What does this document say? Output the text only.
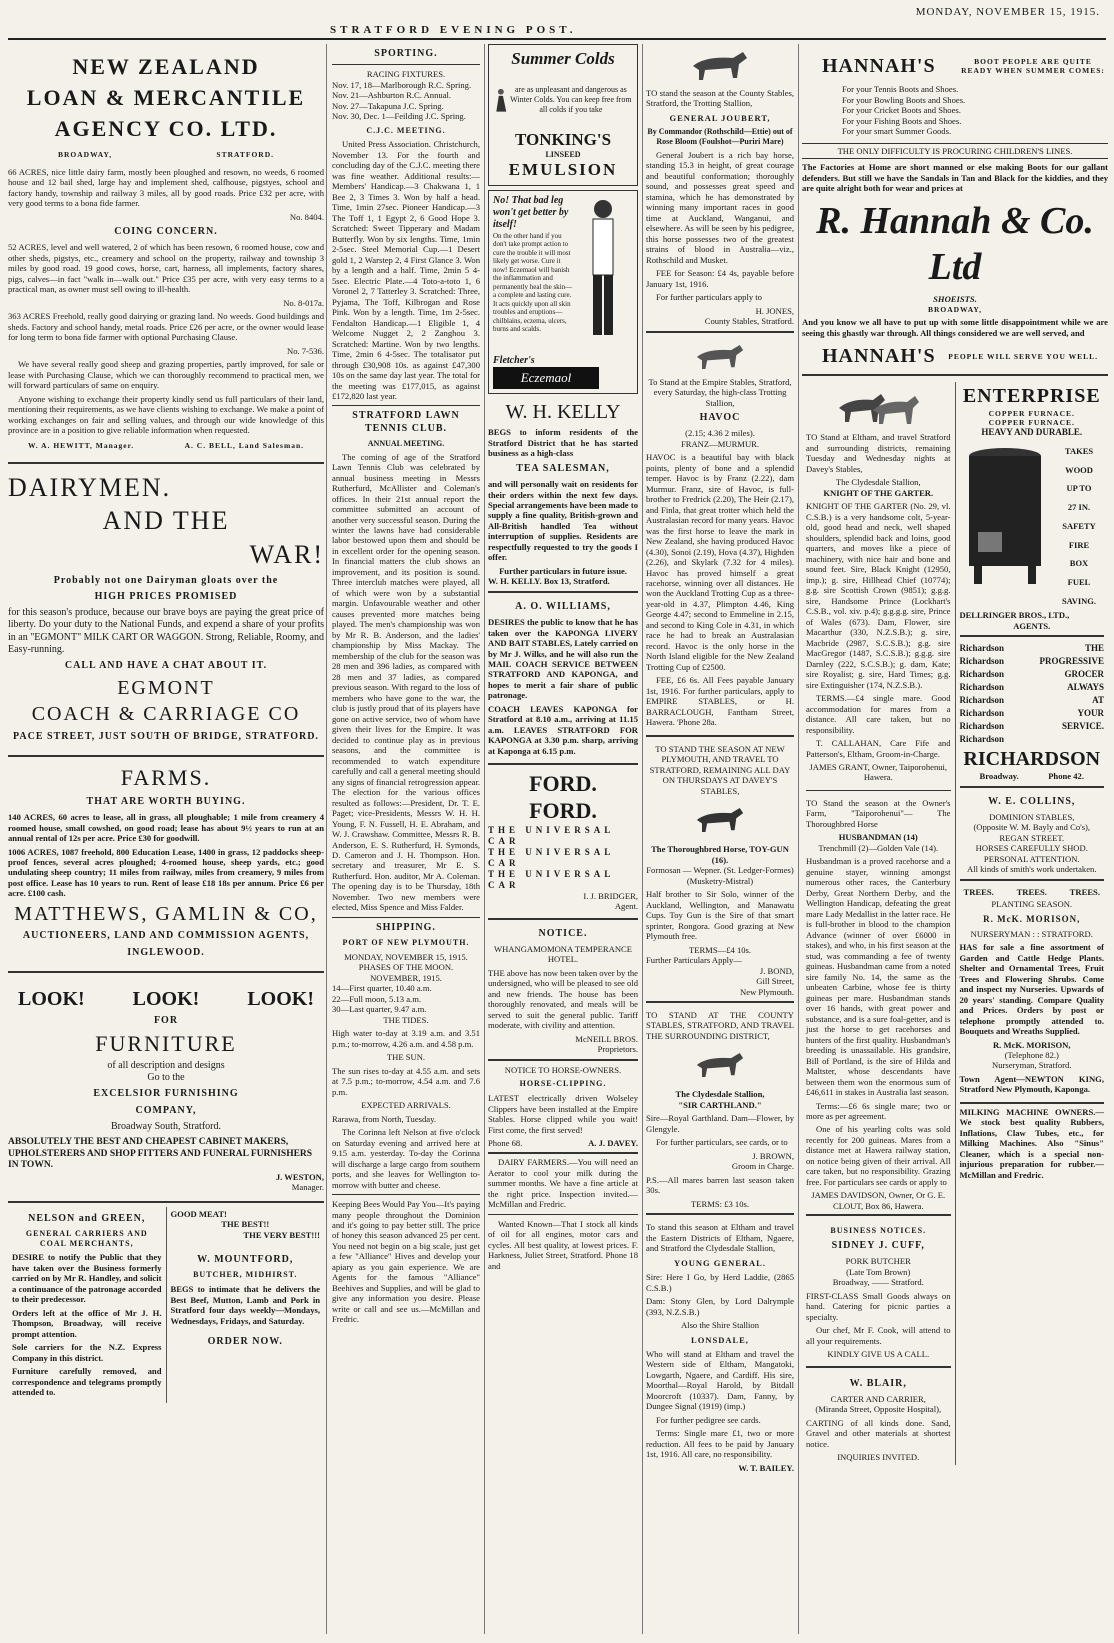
STRATFORD EVENING POST.
MONDAY, NOVEMBER 15, 1915.
NEW ZEALAND
LOAN & MERCANTILE
AGENCY CO. LTD.
BROADWAY,	STRATFORD.

66 ACRES, nice little dairy farm, mostly been ploughed and resown, no weeds, 6 roomed house and 12 bail shed, large hay and implement shed, calfhouse, pigstyes, school and factory handy, township and railway 3 miles, all by good roads. Price £32 per acre, with very good terms to a bona fide farmer.

No. 8404.
COING CONCERN.

52 ACRES, level and well watered, 2 of which has been resown, 6 roomed house, cow and other sheds, pigstys, etc., creamery and school on the property, railway and township 3 miles by good road. 19 good cows, horse, cart, harness, all implements, factory shares, pigs, calves—in fact "walk in—walk out." Price £35 per acre, with very easy terms to a practical man, as owner must sell owing to ill-health.

No. 8-017a.

363 ACRES Freehold, really good dairying or grazing land. No weeds. Good buildings and sheds. Factory and school handy, metal roads. Price £26 per acre, or the owner would lease for long term to bona fide farmer with optional Purchasing Clause.

No. 7-536.

We have several really good sheep and grazing properties, partly improved, for sale or lease with Purchasing Clause, which we can thoroughly recommend to practical men, we will forward particulars of same on enquiry.

Anyone wishing to exchange their property kindly send us full particulars of their land, mentioning their requirements, as we have clients wishing to exchange. We make a point of working exchanges on fair and selling values, and through our wide knowledge of this province are in a position to give reliable information when requested.

W. A. HEWITT, Manager.	A. C. BELL, Land Salesman.
DAIRYMEN.
AND THE
WAR!
Probably not one Dairyman gloats over the
HIGH PRICES PROMISED

for this season's produce, because our brave boys are paying the great price of liberty. Do your duty to the National Funds, and expend a share of your profits in an "EGMONT" MILK CART OR WAGGON. Strong, Reliable, Roomy, and Easy-running.

CALL AND HAVE A CHAT ABOUT IT.
EGMONT
COACH & CARRIAGE CO
PACE STREET, JUST SOUTH OF BRIDGE, STRATFORD.
FARMS.
THAT ARE WORTH BUYING.

140 ACRES, 60 acres to lease, all in grass, all ploughable; 1 mile from creamery 4 roomed house, small cowshed, on good road; lease has about 9½ years to run at an annual rental of 12s per acre. Price £30 for goodwill.

1006 ACRES, 1087 freehold, 800 Education Lease, 1400 in grass, 12 paddocks sheep-proof fences, several acres ploughed; 4-roomed house, sheep yards, etc.; good undulating sheep country; 11 miles from railway, miles from creamery, 9 miles from post office. Lease has 10 years to run. Rent of lease £18 18s per annum. Price £6 per acre. £100 cash.

MATTHEWS, GAMLIN & CO,
AUCTIONEERS, LAND AND COMMISSION AGENTS,
INGLEWOOD.
LOOK! LOOK! LOOK!
FOR
FURNITURE
of all description and designs
Go to the
EXCELSIOR FURNISHING
COMPANY,
Broadway South, Stratford.
ABSOLUTELY THE BEST AND CHEAPEST CABINET MAKERS, UPHOLSTERERS AND SHOP FITTERS AND FUNERAL FURNISHERS IN TOWN.
J. WESTON,
Manager.
NELSON and GREEN,
GENERAL CARRIERS AND COAL MERCHANTS,

DESIRE to notify the Public that they have taken over the Business formerly carried on by Mr R. Handley, and solicit a continuance of the patronage accorded to their predecessor.

Orders left at the office of Mr J. H. Thompson, Broadway, will receive prompt attention.

Sole carriers for the N.Z. Express Company in this district.

Furniture carefully removed, and correspondence and telegrams promptly attended to.

GOOD MEAT!
THE BEST!!
THE VERY BEST!!!
W. MOUNTFORD,
BUTCHER, MIDHIRST.

BEGS to intimate that he delivers the Best Beef, Mutton, Lamb and Pork in Stratford four days weekly—Mondays, Wednesdays, Fridays, and Saturday.

ORDER NOW.
SPORTING.
RACING FIXTURES.
Nov. 17, 18—Marlborough R.C. Spring.
Nov. 21—Ashburton R.C. Annual.
Nov. 27—Takapuna J.C. Spring.
Nov. 30, Dec. 1—Feilding J.C. Spring.
C.J.C. MEETING.

United Press Association. Christchurch, November 13. For the fourth and concluding day of the C.J.C. meeting there was fine weather. Additional results:— Members' Handicap.—3 Chakwana 1, 1 Bee 2, 3 Times 3. Won by half a head. Time, 1min 27sec. Pioneer Handicap.—3 The Toff 1, 1 Egypt 2, 6 Good Hope 3. Scratched: Sweet Tipperary and Madam Butterfly. Won by six lengths. Time, 1min 2-5sec. Steel Memorial Cup.—1 Desert gold 1, 2 Warstep 2, 4 First Glance 3. Won by a length and a half. Time, 2min 5 4-5sec. Electric Plate.—4 Toto-a-toto 1, 6 Voronel 2, 7 Tatterley 3. Scratched: Three, Pyjama, The Toff, Kilbrogan and Rose Pink. Won by a length. Time, 1m 2-5sec. Fendalton Handicap.—1 Eligible 1, 4 Welcome Nugget 2, 2 Zanghou 3. Scratched: Martine. Won by two lengths. Time, 2min 6 4-5sec. The totalisator put through £30,908 10s. as against £47,300 10s on the same day last year. The total for the meeting was £177,015, as against £172,820 last year.

STRATFORD LAWN TENNIS CLUB.
ANNUAL MEETING.

The coming of age of the Stratford Lawn Tennis Club was celebrated by annual business meeting in Messrs Rutherfurd, McAllister and Coleman's offices. In their 21st annual report the committee submitted an account of another very successful season. During the winter the lawns have had considerable labor bestowed upon them and should be in excellent order for the opening season. In financial matters the club shows an improvement, and its position is sound. Three interclub matches were played, all of which were won by a substantial margin. Unfavourable weather and other causes prevented more matches being played. The men's championship was won by Mr R. B. Anderson, and the ladies' championship by Miss Mackay. The membership of the club for the season was 28 men and 396 ladies, as compared with 28 men and 37 ladies, as compared previous season. With regard to the loss of members who have gone to the war, the club is justly proud that of its players have gone on active service, two of whom have given their lives for the Empire. It was decided to continue play as in previous seasons, and the committee is recommended to watch expenditure carefully and call a general meeting should any signs of financial retrogression appear. The election for the various offices resulted as follows:—President, Dr. T. E. Paget; vice-Presidents, Messrs W. H. H. Young, F. N. Fussell, H. E. Abraham, and W. J. Crawshaw. Committee, Messrs R. B. Anderson, E. S. Rutherfurd, H. Symonds, D. Cameron and J. H. Thompson. Hon. secretary and treasurer, Mr E. S. Rutherfurd. Hon. auditor, Mr A. Coleman. The opening day is to be Thursday, 18th November. Two new members were elected, Miss Spence and Miss Falder.

SHIPPING.
PORT OF NEW PLYMOUTH.
MONDAY, NOVEMBER 15, 1915.
PHASES OF THE MOON.
NOVEMBER, 1915.
14—First quarter, 10.40 a.m.
22—Full moon, 5.13 a.m.
30—Last quarter, 9.47 a.m.
THE TIDES.

High water to-day at 3.19 a.m. and 3.51 p.m.; to-morrow, 4.26 a.m. and 4.58 p.m.

THE SUN.

The sun rises to-day at 4.55 a.m. and sets at 7.5 p.m.; to-morrow, 4.54 a.m. and 7.6 p.m.

EXPECTED ARRIVALS.

Rarawa, from North, Tuesday.

The Corinna left Nelson at five o'clock on Saturday evening and arrived here at 9.15 a.m. yesterday. To-day the Corinna will discharge a large cargo from southern ports, and she leaves for Wellington to-morrow with butter and cheese.

Keeping Bees Would Pay You—It's paying many people throughout the Dominion and it's going to pay better still. The price of honey this season advanced 25 per cent. You need not begin on a big scale, just get a few "Alliance" Hives and develop your apiary as you gain experience. We are Agents for the famous "Alliance" Beehives and Supplies, and will be glad to give any information you desire. Please write or call and see us.—McMillan and Fredric.

Summer Colds
are as unpleasant and dangerous as Winter Colds. You can keep free from all colds if you take
TONKING'S
LINSEED
EMULSION
No! That bad leg won't get better by itself!
On the other hand if you don't take prompt action to cure the trouble it will most likely get worse. Cure it now! Eczemaol will banish the inflammation and permanently heal the skin—a complete and lasting cure. It acts quickly upon all skin troubles and eruptions—chilblains, eczema, ulcers, burns and scalds.
Fletcher's
Eczemaol
W. H. KELLY

BEGS to inform residents of the Stratford District that he has started business as a high-class

TEA SALESMAN,

and will personally wait on residents for their orders within the next few days. Special arrangements have been made to supply a fine quality, British-grown and All-British handled Tea without interruption of supplies. Residents are respectfully requested to try the goods I offer.

Further particulars in future issue.
W. H. KELLY. Box 13, Stratford.
A. O. WILLIAMS,

DESIRES the public to know that he has taken over the KAPONGA LIVERY AND BAIT STABLES, Lately carried on by Mr J. Wilks, and he will also run the MAIL COACH SERVICE BETWEEN STRATFORD AND KAPONGA, and hopes to merit a fair share of public patronage.

COACH LEAVES KAPONGA for Stratford at 8.10 a.m., arriving at 11.15 a.m. LEAVES STRATFORD FOR KAPONGA at 3.30 p.m. sharp, arriving at Kaponga at 6.15 p.m.

FORD.
FORD.
THE UNIVERSAL CAR
THE UNIVERSAL CAR
THE UNIVERSAL CAR
I. J. BRIDGER,
Agent.
NOTICE.
WHANGAMOMONA TEMPERANCE HOTEL.

THE above has now been taken over by the undersigned, who will be pleased to see old and new friends. The house has been thoroughly renovated, and meals will be served to suit the general public. Tariff moderate, with civility and attention.

McNEILL BROS.
Proprietors.
NOTICE TO HORSE-OWNERS.
HORSE-CLIPPING.

LATEST electrically driven Wolseley Clippers have been installed at the Empire Stables. Horse clipped while you wait! First come, the first served!

Phone 68.	A. J. DAVEY.

DAIRY FARMERS.—You will need an Aerator to cool your milk during the summer months. We have a fine article at the right price. Inspection invited.—McMillan and Fredric.

Wanted Known—That I stock all kinds of oil for all engines, motor cars and cycles. All best quality, at lowest prices. F. Harkness, Juliet Street, Stratford. Phone 18 and

TO stand the season at the County Stables, Stratford, the Trotting Stallion,

GENERAL JOUBERT,

By Commandor (Rothschild—Ettie) out of Rose Bloom (Foulshot—Puriri Mare)

General Joubert is a rich bay horse, standing 15.3 in height, of great courage and beautiful conformation; thoroughly sound, and possesses great speed and stamina, which he has demonstrated by winning many important races in good time at Auckland, Wanganui, and elsewhere. As will be seen by his pedigree, this horse possesses two of the greatest strains of blood in Australia—viz., Rothschild and Musket.

FEE for Season: £4 4s, payable before January 1st, 1916.

For further particulars apply to

H. JONES,
County Stables, Stratford.

To Stand at the Empire Stables, Stratford, every Saturday, the high-class Trotting Stallion,

HAVOC
(2.15; 4.36 2 miles).
FRANZ—MURMUR.

HAVOC is a beautiful bay with black points, plenty of bone and a splendid temper. Havoc is by Franz (2.22), dam Murmur. Franz, sire of Havoc, is full-brother to Fredrick (2.20), The Heir (2.17), and Finla, that great trotter which held the Australasian record for many years. Havoc was the first horse to leave the mark in New Zealand, she having produced Havoc (4.30), Sonoi (2.19), Hova (4.37), Highden (2.26), and Skylark (7.32 for 4 miles). Havoc has proved himself a great racehorse, winning over all distances. He won the Auckland Trotting Cup as a three-year-old in 4.37, Plimpton 4.46, King George 4.47; second to Emmeline in 2.15, and second to King Cole in 4.31, in which race he had to break an Australasian record. Havoc is the only horse in the North Island eligible for the New Zealand Trotting Cup of £2500.

FEE, £6 6s. All Fees payable January 1st, 1916. For further particulars, apply to EMPIRE STABLES, or H. BARRACLOUGH, Fantham Street, Hawera. 'Phone 28a.

TO STAND THE SEASON AT NEW PLYMOUTH, AND TRAVEL TO STRATFORD, REMAINING ALL DAY ON THURSDAYS AT DAVEY'S STABLES,

The Thoroughbred Horse, TOY-GUN (16).
Formosan — Wepner. (St. Ledger-Formes) (Musketry-Mistral)

Half brother to Sir Solo, winner of the Auckland, Wellington, and Manawatu Cups. Toy Gun is the Sire of that smart sprinter, Rongora. Good grazing at New Plymouth free.

TERMS—£4 10s.
Further Particulars Apply—
J. BOND,
Gill Street,
New Plymouth.

TO STAND AT THE COUNTY STABLES, STRATFORD, AND TRAVEL THE SURROUNDING DISTRICT,

The Clydesdale Stallion,
"SIR CARTHLAND."

Sire—Royal Garthland. Dam—Flower, by Glengyle.

For further particulars, see cards, or to

J. BROWN,
Groom in Charge.

P.S.—All mares barren last season taken 30s.

TERMS: £3 10s.

To stand this season at Eltham and travel the Eastern Districts of Eltham, Ngaere, and Stratford the Clydesdale Stallion,

YOUNG GENERAL.

Sire: Here I Go, by Herd Laddie, (2865 C.S.B.)

Dam: Stony Glen, by Lord Dalrymple (393, N.Z.S.B.)

Also the Shire Stallion
LONSDALE,

Who will stand at Eltham and travel the Western side of Eltham, Mangatoki, Lowgarth, Ngaere, and Cardiff. His sire, Moorthal—Royal Harold, by Bitdall Moorcroft (10337). Dam, Fanny, by Dungee Signal (1919) (imp.)

For further pedigree see cards.

Terms: Single mare £1, two or more reduction. All fees to be paid by January 1st, 1916. All care, no responsibility.

W. T. BAILEY.
HANNAH'S	BOOT PEOPLE ARE QUITE READY WHEN SUMMER COMES:
For your Tennis Boots and Shoes.
For your Bowling Boots and Shoes.
For your Cricket Boots and Shoes.
For your Fishing Boots and Shoes.
For your smart Summer Goods.
THE ONLY DIFFICULTY IS PROCURING CHILDREN'S LINES.

The Factories at Home are short manned or else making Boots for our gallant defenders. But still we have the Sandals in Tan and Black for the kiddies, and they are quite alright both for wear and prices at

R. Hannah & Co. Ltd
SHOEISTS.
BROADWAY,

And you know we all have to put up with some little disappointment while we are seeing this ghastly war through. All things considered we are well served, and

HANNAH'S PEOPLE WILL SERVE YOU WELL.

TO Stand at Eltham, and travel Stratford and surrounding districts, remaining Tuesday and Wednesday nights at Davey's Stables,

The Clydesdale Stallion,
KNIGHT OF THE GARTER.

KNIGHT OF THE GARTER (No. 29, vl. C.S.B.) is a very handsome colt, 5-year-old, good head and neck, well shaped shoulders, splendid back and loins, good quarters, and moves like a piece of machinery, with nice hair and bone and sound feet. Sire, Black Knight (12950, imp.); g. sire, Hillhead Chief (10774); g.g. sire Scottish Crown (9851); g.g.g. sire, Handsome Prince (Lockhart's C.S.B., vol. xiv. p.4); g.g.g.g. sire, Prince of Wales (673). Dam, Flower, sire Macarthur (330, N.Z.S.B.); g. sire, Macbride (2987, S.C.S.B.); g.g. sire MacGregor (1487, S.C.S.B.); g.g.g. sire Darnley (222, S.C.S.B.); g. dam, Kate; sire Royalist; g. sire, Hard Times; g.g. sire Extinguisher (174, N.Z.S.B.).

TERMS.—£4 single mare. Good accommodation for mares from a distance. All care taken, but no responsibility.

T. CALLAHAN, Care Fife and Patterson's, Eltham, Groom-in-Charge.

JAMES GRANT, Owner, Taiporohenui, Hawera.

TO Stand the season at the Owner's Farm, "Taiporohenui"— The Thoroughbred Horse

HUSBANDMAN (14)
Trenchmill (2)—Golden Vale (14).

Husbandman is a proved racehorse and a genuine stayer, winning amongst numerous other races, the Canterbury Derby, Great Northern Derby, and the Wellington Handicap, defeating the great mare Lady Medallist in the latter race. He is full-brother in blood to the champion Advance (winner of over £6000 in stakes), and who, in his first season at the stud, was commanding a fee of twenty guineas. Husbandman came from a noted sire family No. 14, the same as the unbeaten Carbine, whose fee is thirty guineas per mare. Husbandman stands over 16 hands, with great power and substance, and is a sure foal-getter, and is just the horse to get racehorses and hunters of the first quality. Husbandman's breeding is unassailable. His grandsire, Bill of Portland, is the sire of Hilda and Maltster, whose descendants have between them won the enormous sum of £46,611 in stakes in Australia last season.

Terms:—£6 6s single mare; two or more as per agreement.

One of his yearling colts was sold recently for 200 guineas. Mares from a distance met at Hawera railway station, on notice being given of their arrival. All care taken, but no responsibility. Grazing free. For particulars see cards or apply to

JAMES DAVIDSON, Owner, Or G. E. CLOUT, Box 86, Hawera.

BUSINESS NOTICES.
SIDNEY J. CUFF,
PORK BUTCHER
(Late Tom Brown)
Broadway, —— Stratford.

FIRST-CLASS Small Goods always on hand. Catering for picnic parties a specialty.

Our chef, Mr F. Cook, will attend to all your requirements.

KINDLY GIVE US A CALL.
W. BLAIR,
CARTER AND CARRIER,
(Miranda Street, Opposite Hospital),

CARTING of all kinds done. Sand, Gravel and other materials at shortest notice.

INQUIRIES INVITED.
ENTERPRISE
COPPER FURNACE.
COPPER FURNACE.
HEAVY AND DURABLE.
TAKES
WOOD
UP TO
27 IN.
SAFETY
FIRE
BOX
FUEL
SAVING.
DELLRINGER BROS., LTD.,
AGENTS.
Richardson	THE
Richardson	PROGRESSIVE
Richardson	GROCER
Richardson	ALWAYS
Richardson	AT
Richardson	YOUR
Richardson	SERVICE.
Richardson
RICHARDSON
Broadway.	Phone 42.
W. E. COLLINS,
DOMINION STABLES,
(Opposite W. M. Bayly and Co's),
REGAN STREET.
HORSES CAREFULLY SHOD.
PERSONAL ATTENTION.
All kinds of smith's work undertaken.
TREES.	TREES.	TREES.
PLANTING SEASON.
R. McK. MORISON,
NURSERYMAN : : STRATFORD.

HAS for sale a fine assortment of Garden and Cattle Hedge Plants. Shelter and Ornamental Trees, Fruit Trees and Flowering Shrubs. Come and inspect my Nurseries. Upwards of 20 years' standing. Compare Quality and Prices. Orders by post or telephone promptly attended to. Bouquets and Wreaths Supplied.

R. McK. MORISON,
(Telephone 82.)
Nurseryman, Stratford.

Town Agent—NEWTON KING, Stratford New Plymouth, Kaponga.

MILKING MACHINE OWNERS.—We stock best quality Rubbers, Inflations, Claw Tubes, etc., for Milking Machines. Also "Sinus" Cleaner, which is a special non-injurious preparation for rubber.—McMillan and Fredric.
